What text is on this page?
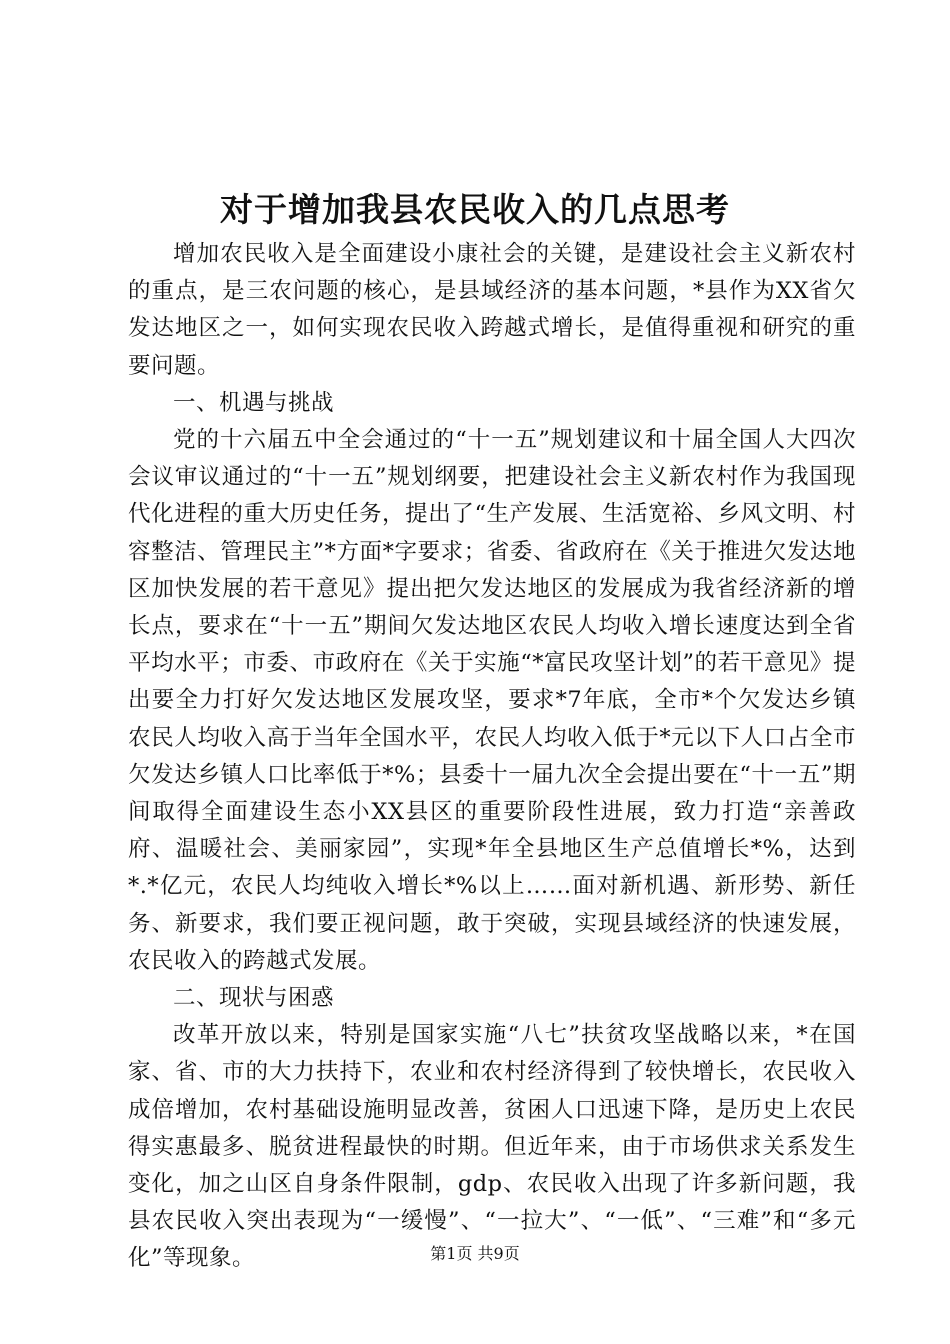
对于增加我县农民收入的几点思考

增加农民收入是全面建设小康社会的关键，是建设社会主义新农村的重点，是三农问题的核心，是县域经济的基本问题，*县作为XX省欠发达地区之一，如何实现农民收入跨越式增长，是值得重视和研究的重要问题。

一、机遇与挑战

党的十六届五中全会通过的“十一五”规划建议和十届全国人大四次会议审议通过的“十一五”规划纲要，把建设社会主义新农村作为我国现代化进程的重大历史任务，提出了“生产发展、生活宽裕、乡风文明、村容整洁、管理民主”*方面*字要求；省委、省政府在《关于推进欠发达地区加快发展的若干意见》提出把欠发达地区的发展成为我省经济新的增长点，要求在“十一五”期间欠发达地区农民人均收入增长速度达到全省平均水平；市委、市政府在《关于实施“*富民攻坚计划”的若干意见》提出要全力打好欠发达地区发展攻坚，要求*7年底，全市*个欠发达乡镇农民人均收入高于当年全国水平，农民人均收入低于*元以下人口占全市欠发达乡镇人口比率低于*%；县委十一届九次全会提出要在“十一五”期间取得全面建设生态小XX县区的重要阶段性进展，致力打造“亲善政府、温暖社会、美丽家园”，实现*年全县地区生产总值增长*%，达到*.*亿元，农民人均纯收入增长*%以上……面对新机遇、新形势、新任务、新要求，我们要正视问题，敢于突破，实现县域经济的快速发展，农民收入的跨越式发展。

二、现状与困惑

改革开放以来，特别是国家实施“八七”扶贫攻坚战略以来，*在国家、省、市的大力扶持下，农业和农村经济得到了较快增长，农民收入成倍增加，农村基础设施明显改善，贫困人口迅速下降，是历史上农民得实惠最多、脱贫进程最快的时期。但近年来，由于市场供求关系发生变化，加之山区自身条件限制，gdp、农民收入出现了许多新问题，我县农民收入突出表现为“一缓慢”、“一拉大”、“一低”、“三难”和“多元化”等现象。	第1页 共9页
